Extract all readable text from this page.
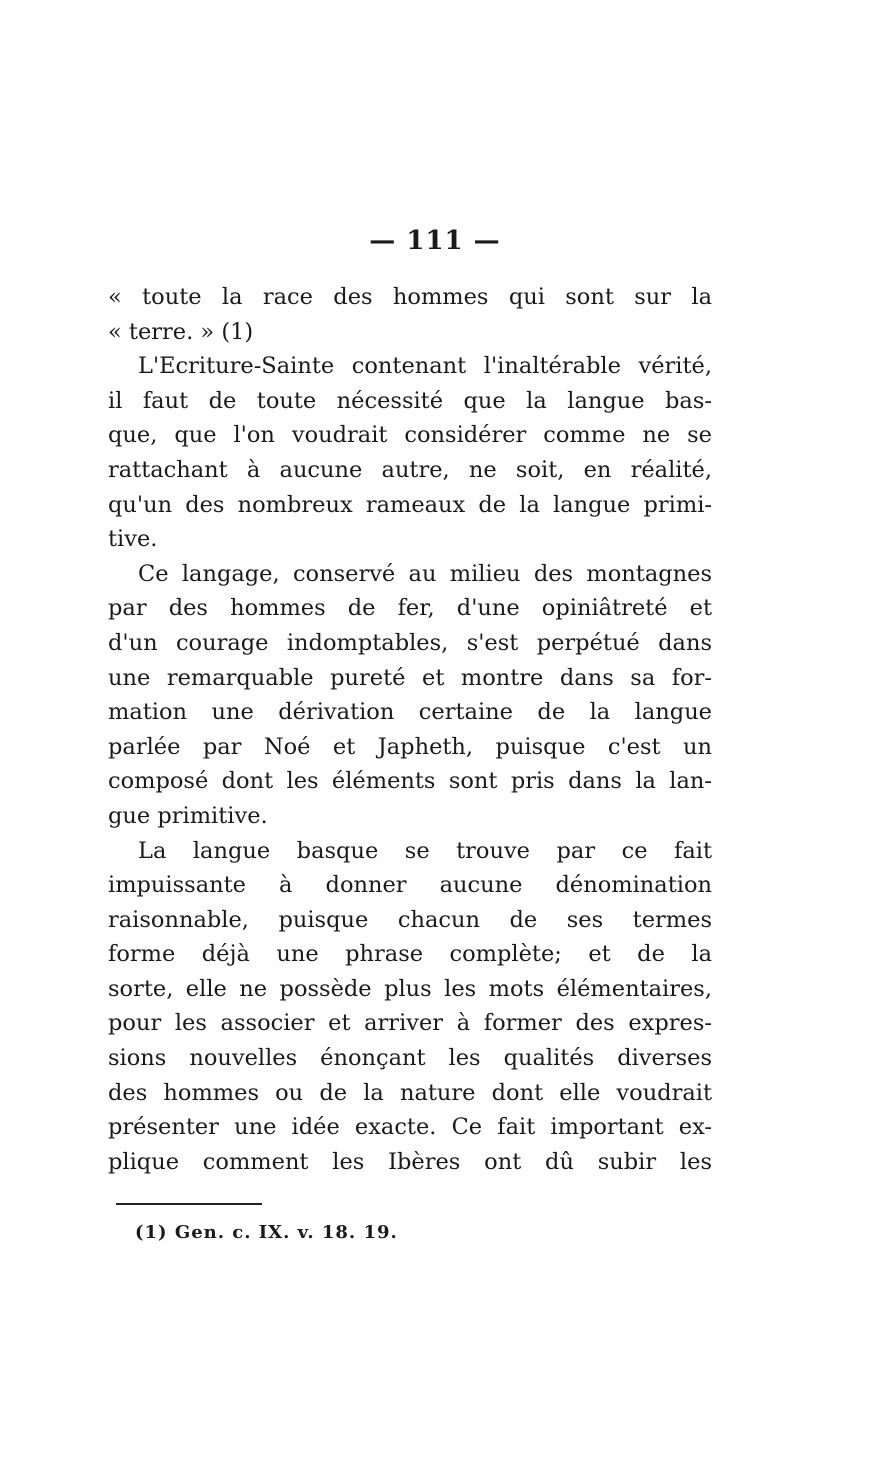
— 111 —
« toute la race des hommes qui sont sur la
« terre. » (1)
L'Ecriture-Sainte contenant l'inaltérable vérité,
il faut de toute nécessité que la langue bas-
que, que l'on voudrait considérer comme ne se
rattachant à aucune autre, ne soit, en réalité,
qu'un des nombreux rameaux de la langue primi-
tive.
Ce langage, conservé au milieu des montagnes
par des hommes de fer, d'une opiniâtreté et
d'un courage indomptables, s'est perpétué dans
une remarquable pureté et montre dans sa for-
mation une dérivation certaine de la langue
parlée par Noé et Japheth, puisque c'est un
composé dont les éléments sont pris dans la lan-
gue primitive.
La langue basque se trouve par ce fait
impuissante à donner aucune dénomination
raisonnable, puisque chacun de ses termes
forme déjà une phrase complète; et de la
sorte, elle ne possède plus les mots élémentaires,
pour les associer et arriver à former des expres-
sions nouvelles énonçant les qualités diverses
des hommes ou de la nature dont elle voudrait
présenter une idée exacte. Ce fait important ex-
plique comment les Ibères ont dû subir les
(1) Gen. c. IX. v. 18. 19.
